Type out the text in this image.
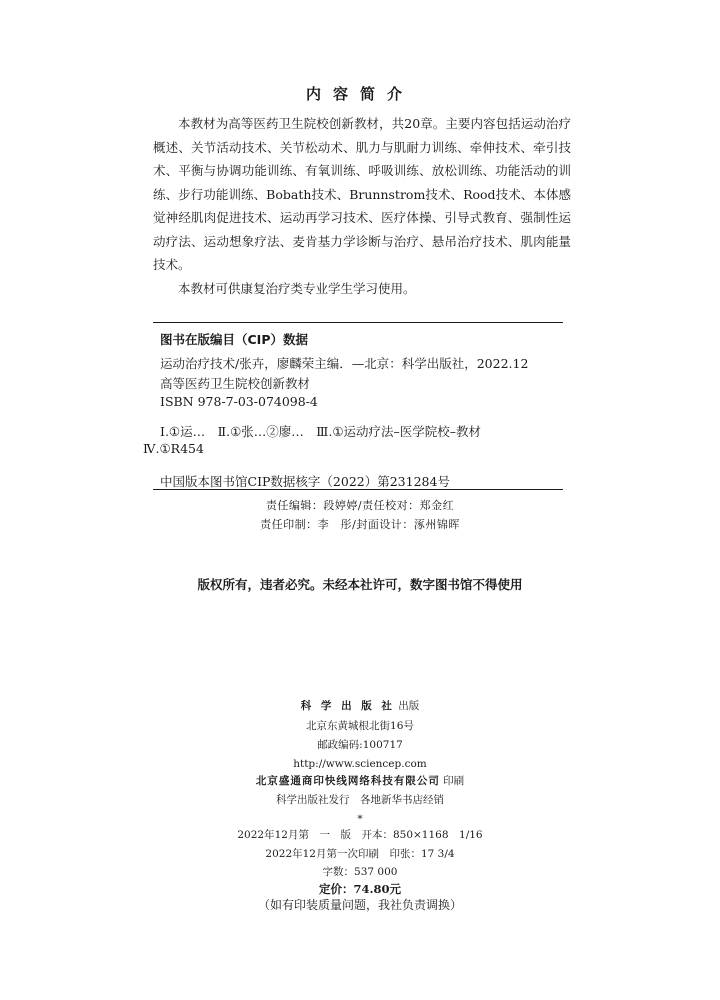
内容简介

本教材为高等医药卫生院校创新教材，共20章。主要内容包括运动治疗概述、关节活动技术、关节松动术、肌力与肌耐力训练、牵伸技术、牵引技术、平衡与协调功能训练、有氧训练、呼吸训练、放松训练、功能活动的训练、步行功能训练、Bobath技术、Brunnstrom技术、Rood技术、本体感觉神经肌肉促进技术、运动再学习技术、医疗体操、引导式教育、强制性运动疗法、运动想象疗法、麦肯基力学诊断与治疗、悬吊治疗技术、肌肉能量技术。

本教材可供康复治疗类专业学生学习使用。

图书在版编目（CIP）数据
运动治疗技术/张卉，廖麟荣主编．—北京：科学出版社，2022.12
高等医药卫生院校创新教材
ISBN 978-7-03-074098-4
Ⅰ.①运…　Ⅱ.①张…②廖…　Ⅲ.①运动疗法–医学院校–教材
Ⅳ.①R454
中国版本图书馆CIP数据核字（2022）第231284号
责任编辑：段婷婷/责任校对：郑金红
责任印制：李　彤/封面设计：涿州锦晖
版权所有，违者必究。未经本社许可，数字图书馆不得使用
科 学 出 版 社 出版
北京东黄城根北街16号
邮政编码:100717
http://www.sciencep.com
北京盛通商印快线网络科技有限公司 印刷
科学出版社发行　各地新华书店经销
*
2022年12月第　一　版　开本：850×1168　1/16
2022年12月第一次印刷　印张：17 3/4
字数：537 000
定价：74.80元
（如有印装质量问题，我社负责调换）
